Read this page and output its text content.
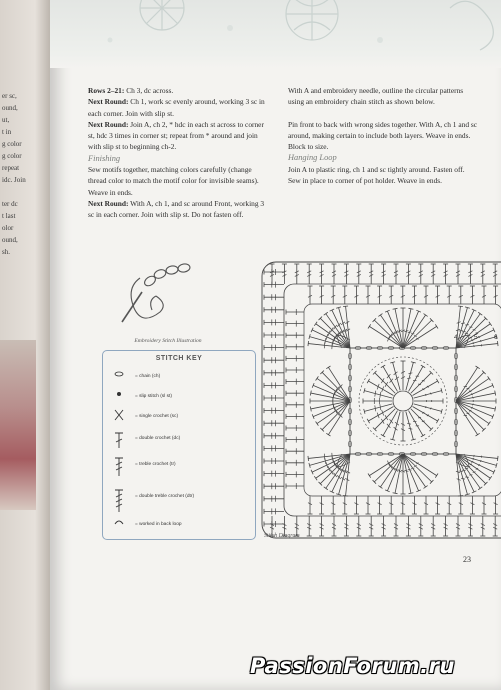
er sc,
ound,
ut,
t in
g color
g color
repeat
idc. Join
ter dc
t last
olor
ound,
sh.

Rows 2–21: Ch 3, dc across.

Next Round: Ch 1, work sc evenly around, working 3 sc in each corner. Join with slip st.

Next Round: Join A, ch 2, * hdc in each st across to corner st, hdc 3 times in corner st; repeat from * around and join with slip st to beginning ch-2.

Finishing

Sew motifs together, matching colors carefully (change thread color to match the motif color for invisible seams). Weave in ends.

Next Round: With A, ch 1, and sc around Front, working 3 sc in each corner. Join with slip st. Do not fasten off.

With A and embroidery needle, outline the circular patterns using an embroidery chain stitch as shown below.

Pin front to back with wrong sides together. With A, ch 1 and sc around, making certain to include both layers. Weave in ends. Block to size.

Hanging Loop

Join A to plastic ring, ch 1 and sc tightly around. Fasten off. Sew in place to corner of pot holder. Weave in ends.

Embroidery Stitch Illustration
STITCH KEY
= chain (ch)
= slip stitch (sl st)
= single crochet (sc)
= double crochet (dc)
= treble crochet (tr)
= double treble crochet (dtr)
= worked in back loop
4	5	6
Stitch Diagram
23
PassionForum.ru
